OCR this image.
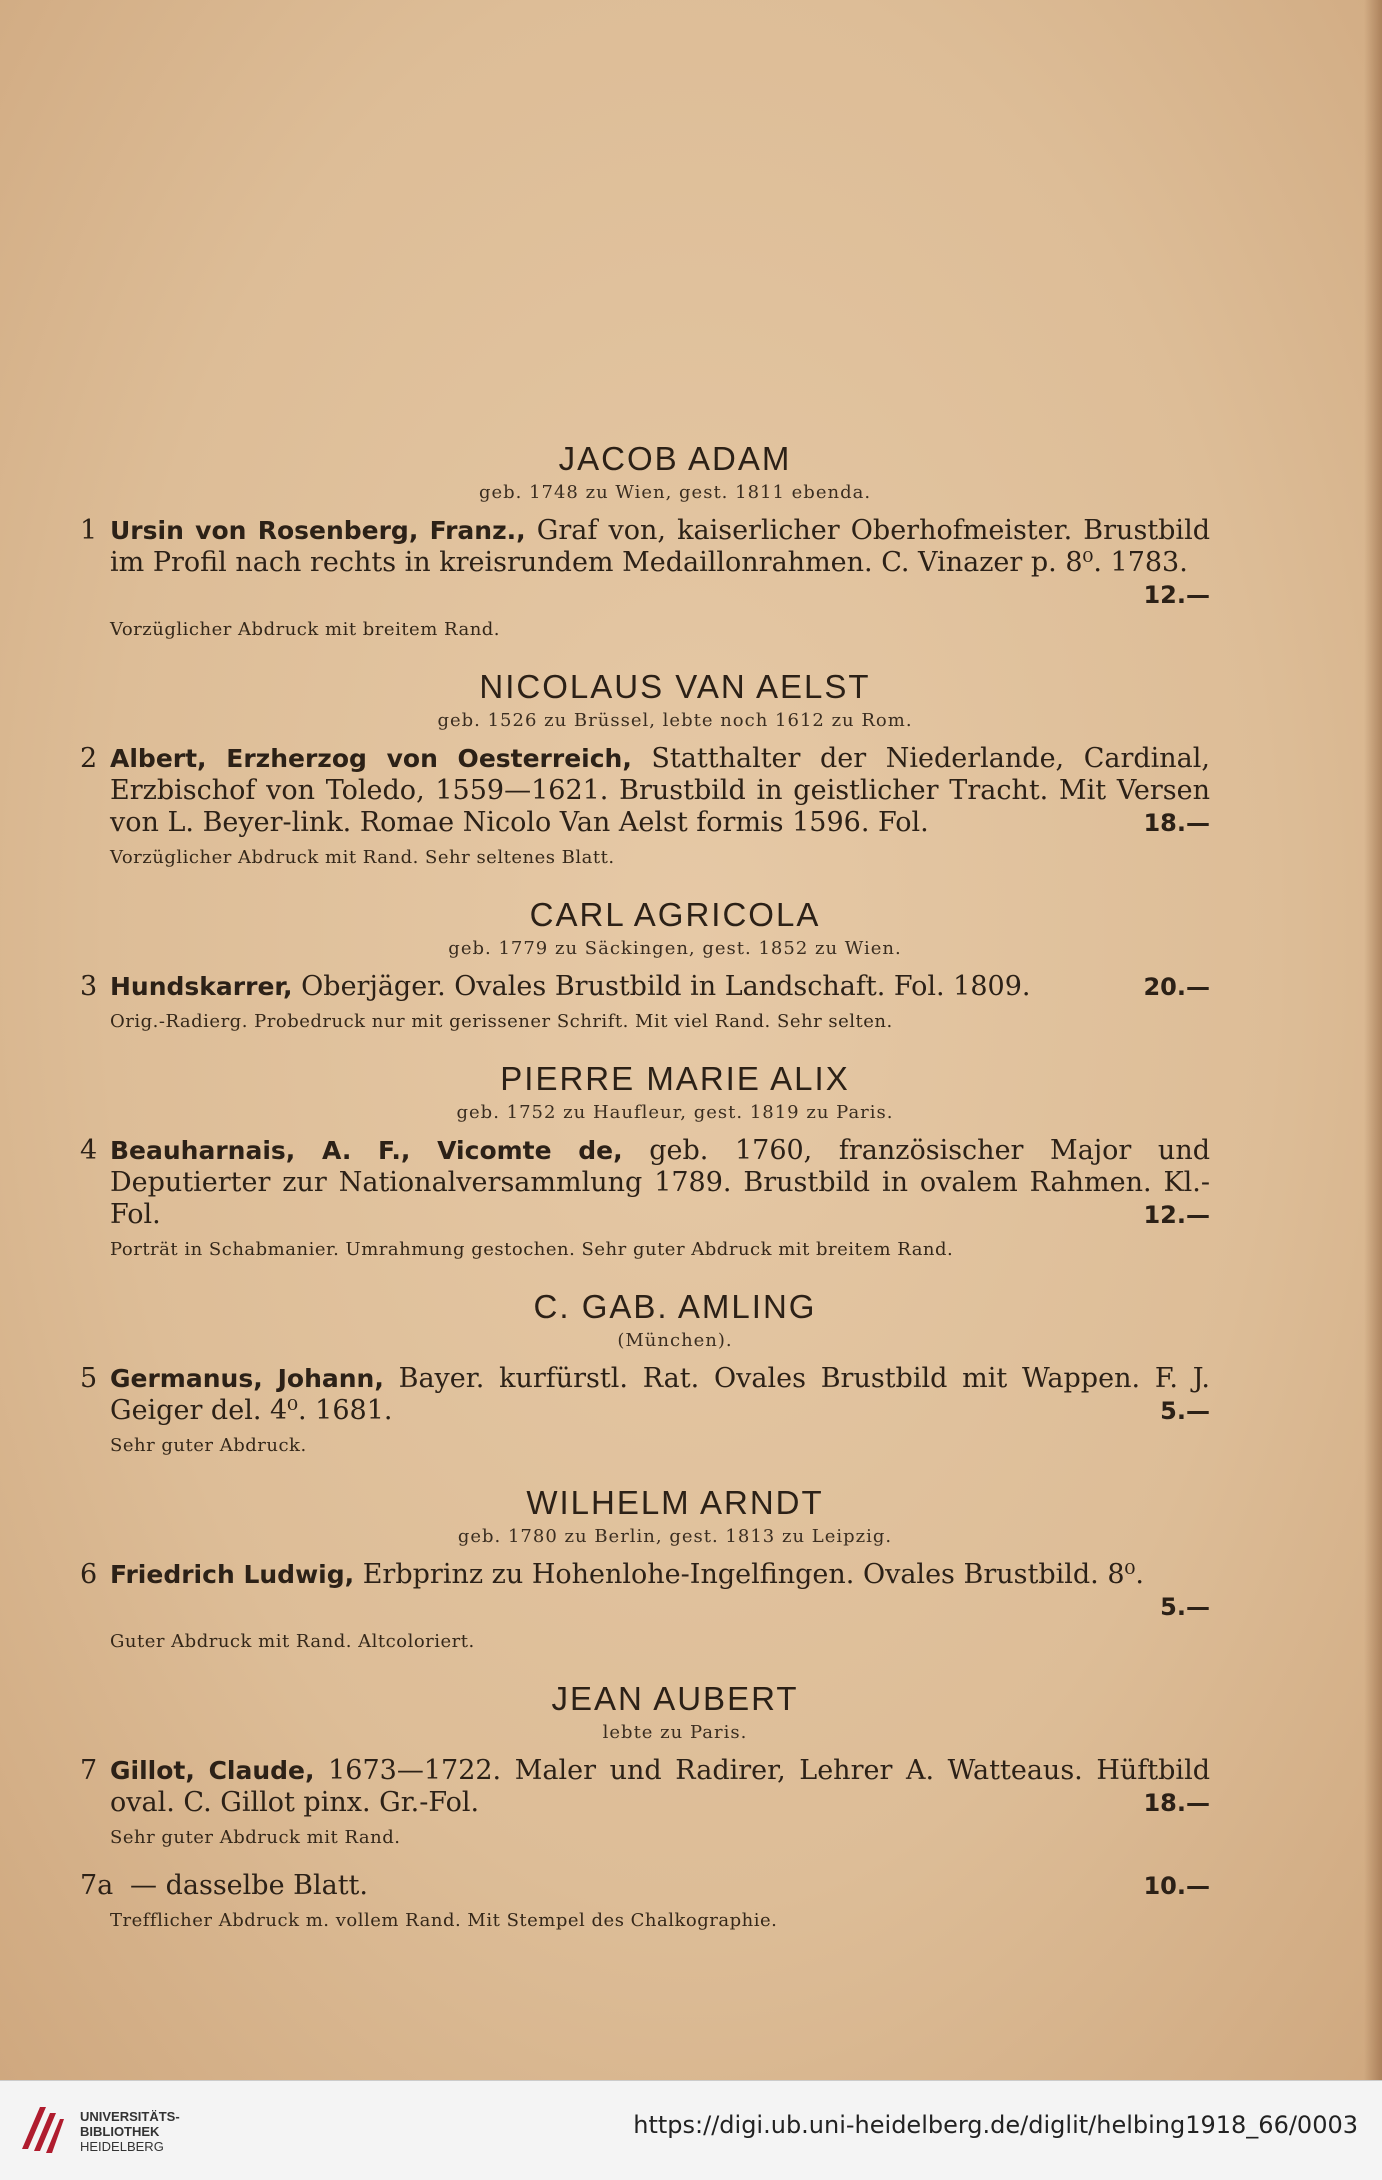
JACOB ADAM
geb. 1748 zu Wien, gest. 1811 ebenda.
1 Ursin von Rosenberg, Franz., Graf von, kaiserlicher Oberhofmeister. Brustbild im Profil nach rechts in kreisrundem Medaillonrahmen. C. Vinazer p. 8⁰. 1783.
12.—
Vorzüglicher Abdruck mit breitem Rand.
NICOLAUS VAN AELST
geb. 1526 zu Brüssel, lebte noch 1612 zu Rom.
2 Albert, Erzherzog von Oesterreich, Statthalter der Niederlande, Cardinal, Erzbischof von Toledo, 1559—1621. Brustbild in geistlicher Tracht. Mit Versen von L. Beyer-link. Romae Nicolo Van Aelst formis 1596. Fol.	18.—
Vorzüglicher Abdruck mit Rand. Sehr seltenes Blatt.
CARL AGRICOLA
geb. 1779 zu Säckingen, gest. 1852 zu Wien.
3 Hundskarrer, Oberjäger. Ovales Brustbild in Landschaft. Fol. 1809.	20.—
Orig.-Radierg. Probedruck nur mit gerissener Schrift. Mit viel Rand. Sehr selten.
PIERRE MARIE ALIX
geb. 1752 zu Haufleur, gest. 1819 zu Paris.
4 Beauharnais, A. F., Vicomte de, geb. 1760, französischer Major und Deputierter zur Nationalversammlung 1789. Brustbild in ovalem Rahmen. Kl.-Fol.	12.—
Porträt in Schabmanier. Umrahmung gestochen. Sehr guter Abdruck mit breitem Rand.
C. GAB. AMLING
(München).
5 Germanus, Johann, Bayer. kurfürstl. Rat. Ovales Brustbild mit Wappen. F. J. Geiger del. 4⁰. 1681.	5.—
Sehr guter Abdruck.
WILHELM ARNDT
geb. 1780 zu Berlin, gest. 1813 zu Leipzig.
6 Friedrich Ludwig, Erbprinz zu Hohenlohe-Ingelfingen. Ovales Brustbild. 8⁰.
5.—
Guter Abdruck mit Rand. Altcoloriert.
JEAN AUBERT
lebte zu Paris.
7 Gillot, Claude, 1673—1722. Maler und Radirer, Lehrer A. Watteaus. Hüftbild oval. C. Gillot pinx. Gr.-Fol.	18.—
Sehr guter Abdruck mit Rand.
7a — dasselbe Blatt.	10.—
Trefflicher Abdruck m. vollem Rand. Mit Stempel des Chalkographie.
UNIVERSITÄTS-
BIBLIOTHEK
HEIDELBERG
https://digi.ub.uni-heidelberg.de/diglit/helbing1918_66/0003
